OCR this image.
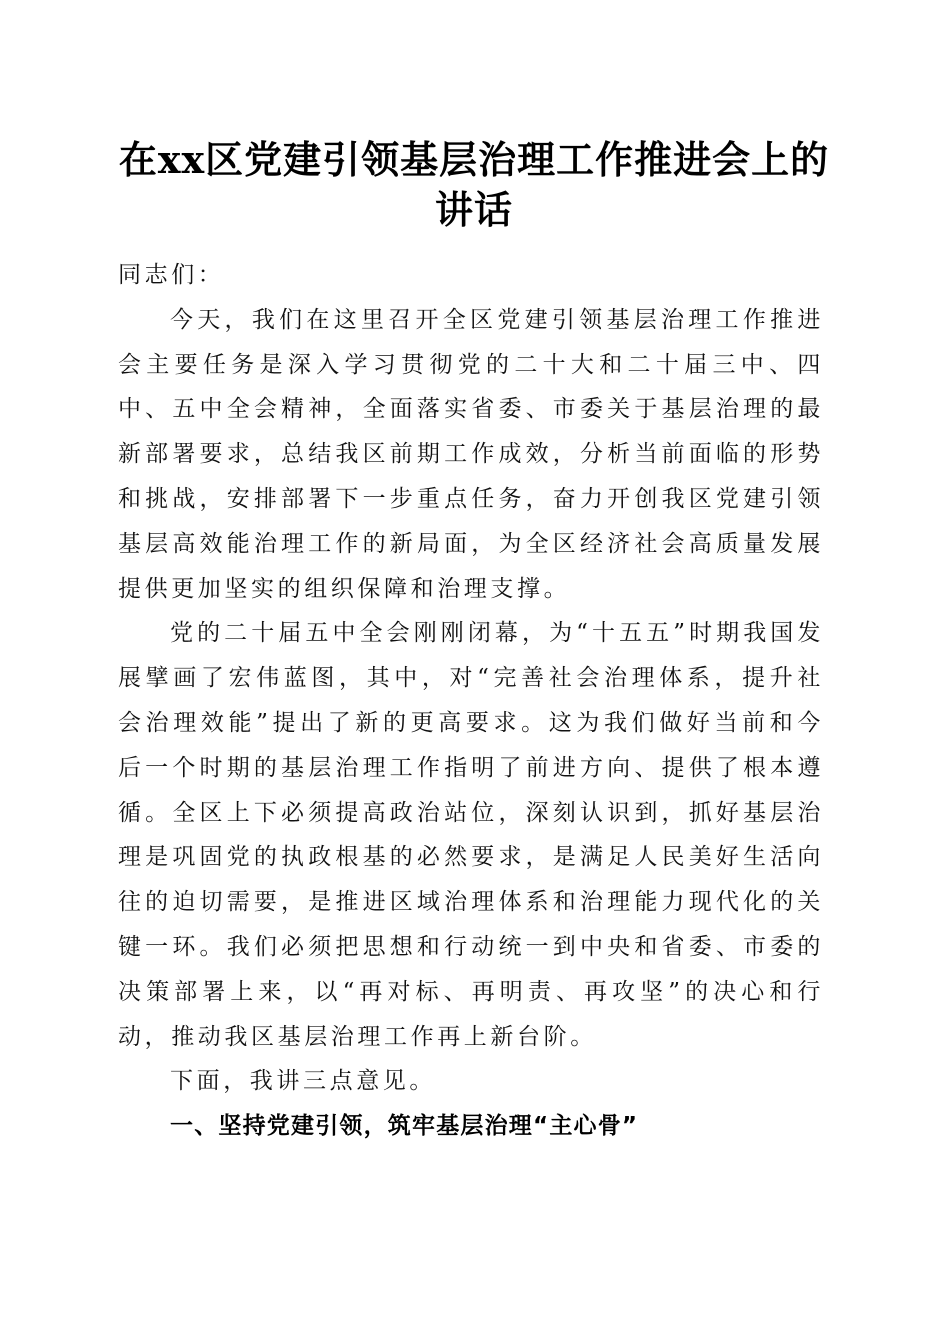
在xx区党建引领基层治理工作推进会上的讲话

同志们：

今天，我们在这里召开全区党建引领基层治理工作推进会主要任务是深入学习贯彻党的二十大和二十届三中、四中、五中全会精神，全面落实省委、市委关于基层治理的最新部署要求，总结我区前期工作成效，分析当前面临的形势和挑战，安排部署下一步重点任务，奋力开创我区党建引领基层高效能治理工作的新局面，为全区经济社会高质量发展提供更加坚实的组织保障和治理支撑。

党的二十届五中全会刚刚闭幕，为“十五五”时期我国发展擘画了宏伟蓝图，其中，对“完善社会治理体系，提升社会治理效能”提出了新的更高要求。这为我们做好当前和今后一个时期的基层治理工作指明了前进方向、提供了根本遵循。全区上下必须提高政治站位，深刻认识到，抓好基层治理是巩固党的执政根基的必然要求，是满足人民美好生活向往的迫切需要，是推进区域治理体系和治理能力现代化的关键一环。我们必须把思想和行动统一到中央和省委、市委的决策部署上来，以“再对标、再明责、再攻坚”的决心和行动，推动我区基层治理工作再上新台阶。

下面，我讲三点意见。

一、坚持党建引领，筑牢基层治理“主心骨”
